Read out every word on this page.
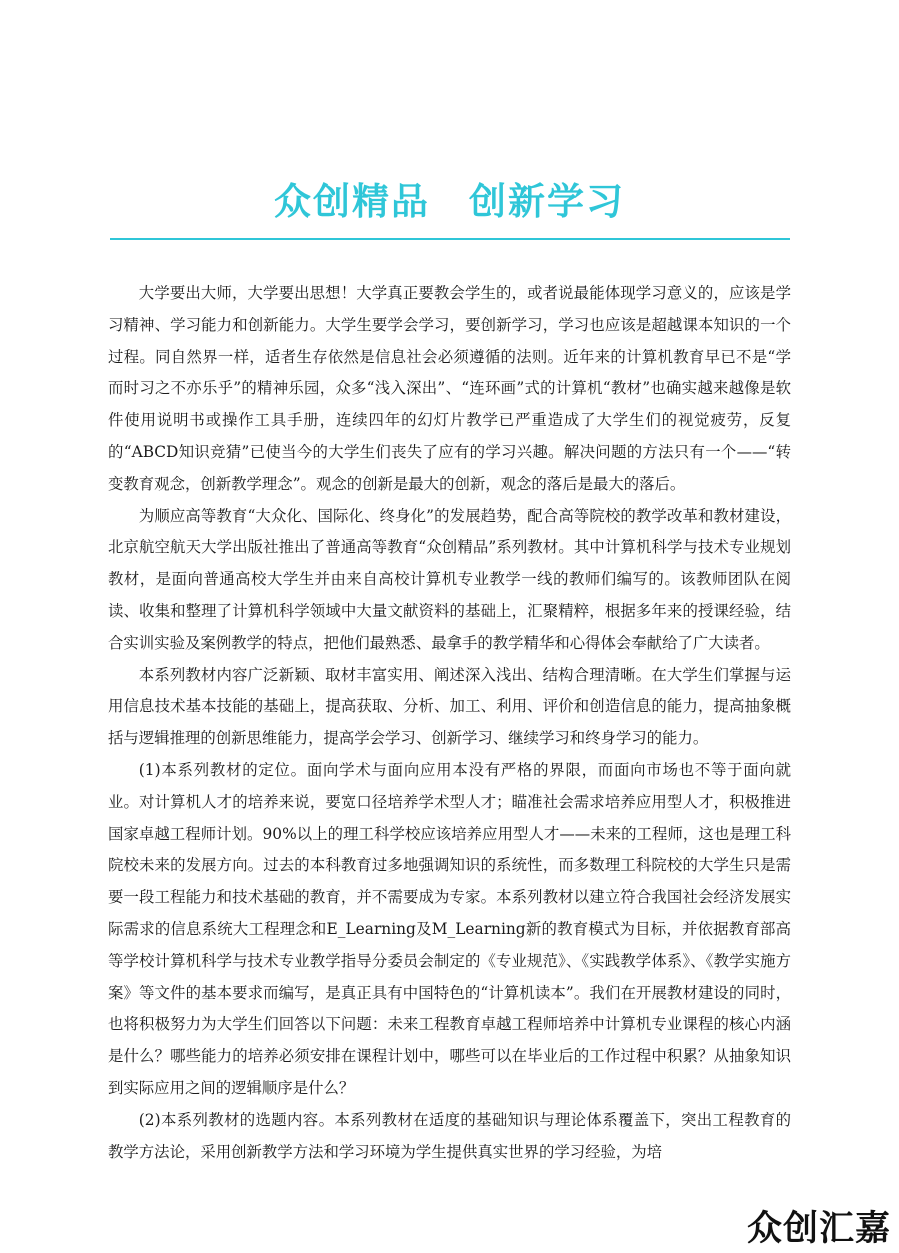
众创精品　创新学习

大学要出大师，大学要出思想！大学真正要教会学生的，或者说最能体现学习意义的，应该是学习精神、学习能力和创新能力。大学生要学会学习，要创新学习，学习也应该是超越课本知识的一个过程。同自然界一样，适者生存依然是信息社会必须遵循的法则。近年来的计算机教育早已不是“学而时习之不亦乐乎”的精神乐园，众多“浅入深出”、“连环画”式的计算机“教材”也确实越来越像是软件使用说明书或操作工具手册，连续四年的幻灯片教学已严重造成了大学生们的视觉疲劳，反复的“ABCD知识竞猜”已使当今的大学生们丧失了应有的学习兴趣。解决问题的方法只有一个——“转变教育观念，创新教学理念”。观念的创新是最大的创新，观念的落后是最大的落后。

为顺应高等教育“大众化、国际化、终身化”的发展趋势，配合高等院校的教学改革和教材建设，北京航空航天大学出版社推出了普通高等教育“众创精品”系列教材。其中计算机科学与技术专业规划教材，是面向普通高校大学生并由来自高校计算机专业教学一线的教师们编写的。该教师团队在阅读、收集和整理了计算机科学领域中大量文献资料的基础上，汇聚精粹，根据多年来的授课经验，结合实训实验及案例教学的特点，把他们最熟悉、最拿手的教学精华和心得体会奉献给了广大读者。

本系列教材内容广泛新颖、取材丰富实用、阐述深入浅出、结构合理清晰。在大学生们掌握与运用信息技术基本技能的基础上，提高获取、分析、加工、利用、评价和创造信息的能力，提高抽象概括与逻辑推理的创新思维能力，提高学会学习、创新学习、继续学习和终身学习的能力。

(1)本系列教材的定位。面向学术与面向应用本没有严格的界限，而面向市场也不等于面向就业。对计算机人才的培养来说，要宽口径培养学术型人才；瞄准社会需求培养应用型人才，积极推进国家卓越工程师计划。90%以上的理工科学校应该培养应用型人才——未来的工程师，这也是理工科院校未来的发展方向。过去的本科教育过多地强调知识的系统性，而多数理工科院校的大学生只是需要一段工程能力和技术基础的教育，并不需要成为专家。本系列教材以建立符合我国社会经济发展实际需求的信息系统大工程理念和E_Learning及M_Learning新的教育模式为目标，并依据教育部高等学校计算机科学与技术专业教学指导分委员会制定的《专业规范》、《实践教学体系》、《教学实施方案》等文件的基本要求而编写，是真正具有中国特色的“计算机读本”。我们在开展教材建设的同时，也将积极努力为大学生们回答以下问题：未来工程教育卓越工程师培养中计算机专业课程的核心内涵是什么？哪些能力的培养必须安排在课程计划中，哪些可以在毕业后的工作过程中积累？从抽象知识到实际应用之间的逻辑顺序是什么？

(2)本系列教材的选题内容。本系列教材在适度的基础知识与理论体系覆盖下，突出工程教育的教学方法论，采用创新教学方法和学习环境为学生提供真实世界的学习经验，为培

众创汇嘉
